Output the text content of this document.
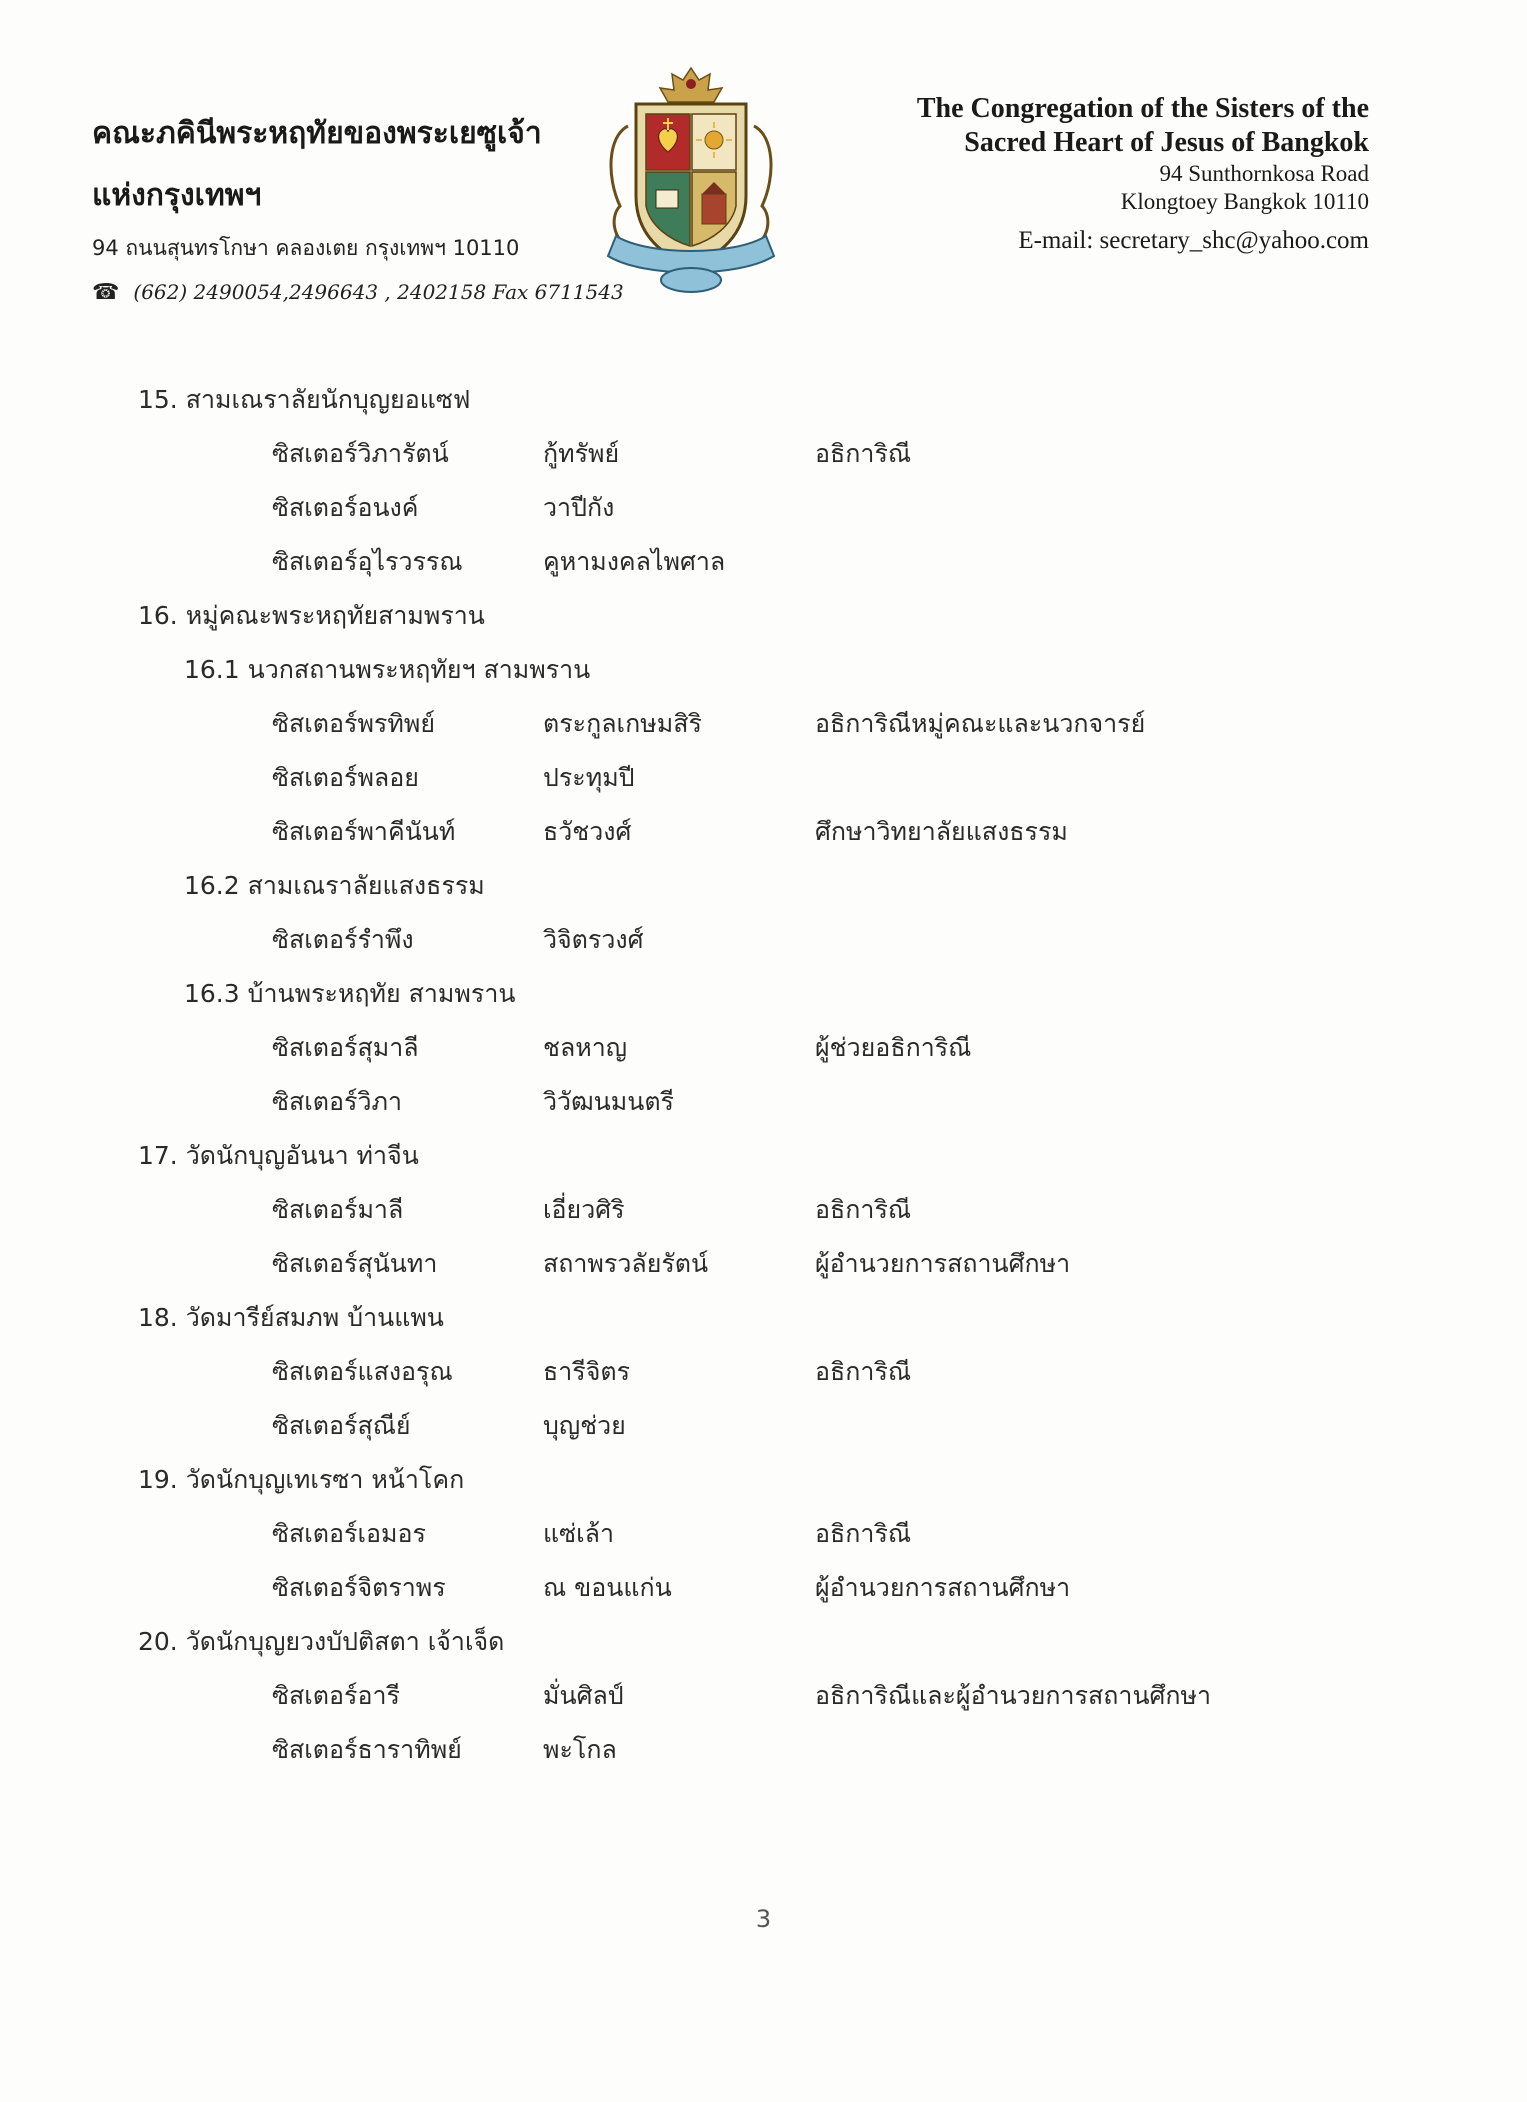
คณะภคินีพระหฤทัยของพระเยซูเจ้า
แห่งกรุงเทพฯ
94 ถนนสุนทรโกษา คลองเตย กรุงเทพฯ 10110
☎ (662) 2490054,2496643 , 2402158 Fax 6711543
The Congregation of the Sisters of the
Sacred Heart of Jesus of Bangkok
94 Sunthornkosa Road
Klongtoey Bangkok 10110
E-mail: secretary_shc@yahoo.com
15. สามเณราลัยนักบุญยอแซฟ
ซิสเตอร์วิภารัตน์	กู้ทรัพย์	อธิการิณี
ซิสเตอร์อนงค์	วาปีกัง
ซิสเตอร์อุไรวรรณ	คูหามงคลไพศาล
16. หมู่คณะพระหฤทัยสามพราน
16.1 นวกสถานพระหฤทัยฯ สามพราน
ซิสเตอร์พรทิพย์	ตระกูลเกษมสิริ	อธิการิณีหมู่คณะและนวกจารย์
ซิสเตอร์พลอย	ประทุมปี
ซิสเตอร์พาคีนันท์	ธวัชวงศ์	ศึกษาวิทยาลัยแสงธรรม
16.2 สามเณราลัยแสงธรรม
ซิสเตอร์รำพึง	วิจิตรวงศ์
16.3 บ้านพระหฤทัย สามพราน
ซิสเตอร์สุมาลี	ชลหาญ	ผู้ช่วยอธิการิณี
ซิสเตอร์วิภา	วิวัฒนมนตรี
17. วัดนักบุญอันนา ท่าจีน
ซิสเตอร์มาลี	เอี่ยวศิริ	อธิการิณี
ซิสเตอร์สุนันทา	สถาพรวลัยรัตน์	ผู้อำนวยการสถานศึกษา
18. วัดมารีย์สมภพ บ้านแพน
ซิสเตอร์แสงอรุณ	ธารีจิตร	อธิการิณี
ซิสเตอร์สุณีย์	บุญช่วย
19. วัดนักบุญเทเรซา หน้าโคก
ซิสเตอร์เอมอร	แซ่เล้า	อธิการิณี
ซิสเตอร์จิตราพร	ณ ขอนแก่น	ผู้อำนวยการสถานศึกษา
20. วัดนักบุญยวงบัปติสตา เจ้าเจ็ด
ซิสเตอร์อารี	มั่นศิลป์	อธิการิณีและผู้อำนวยการสถานศึกษา
ซิสเตอร์ธาราทิพย์	พะโกล
3
